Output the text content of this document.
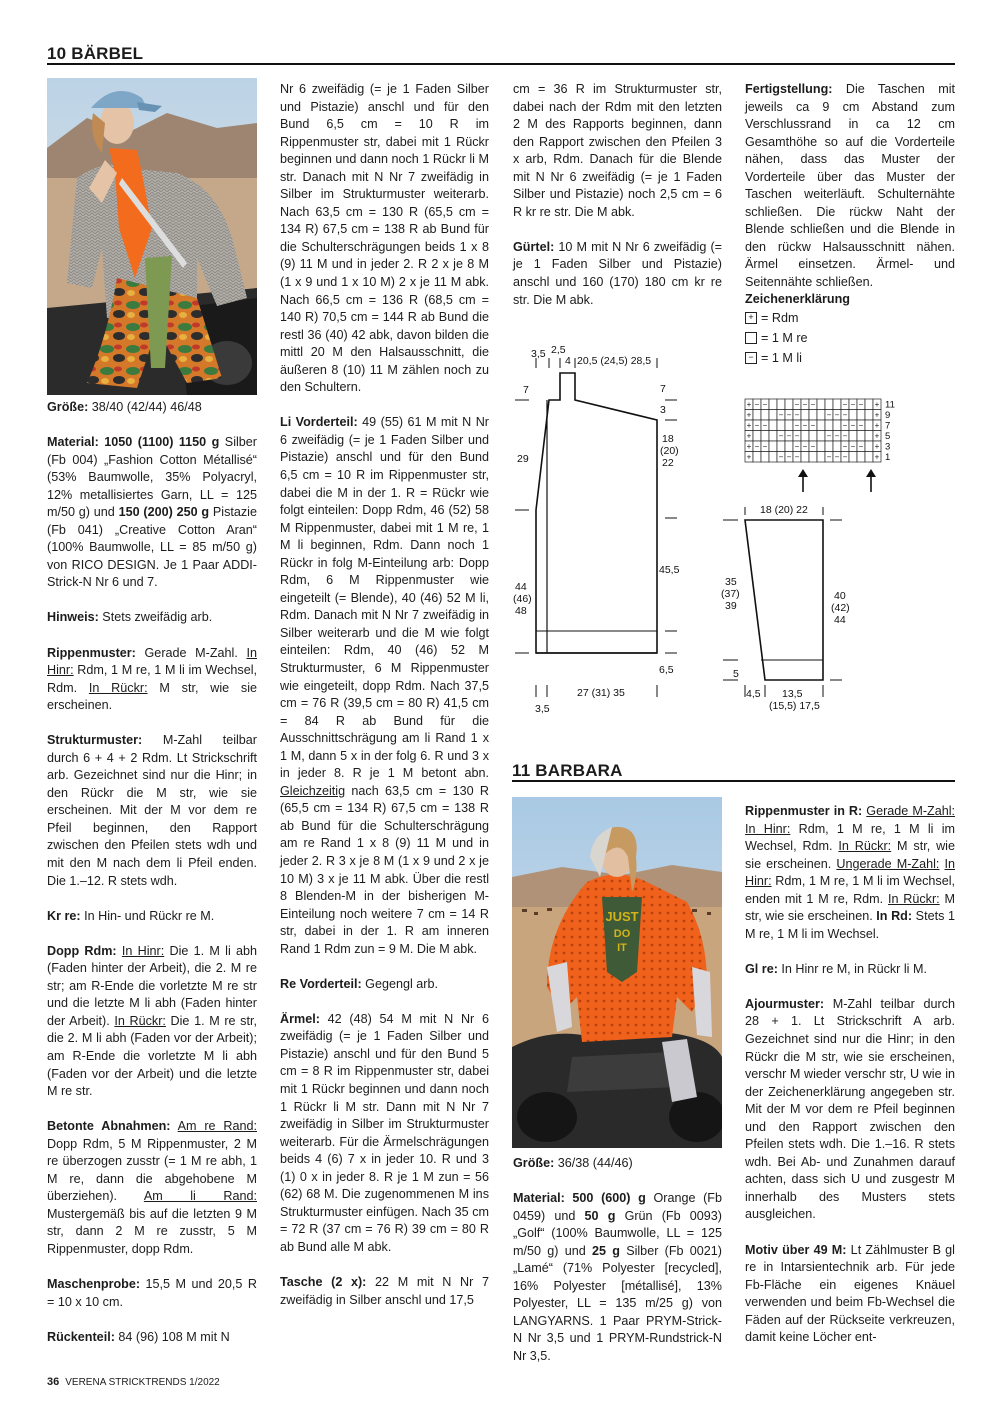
10 BÄRBEL

Größe: 38/40 (42/44) 46/48

Material: 1050 (1100) 1150 g Silber (Fb 004) „Fashion Cotton Métallisé“ (53% Baumwolle, 35% Polyacryl, 12% metallisiertes Garn, LL = 125 m/50 g) und 150 (200) 250 g Pistazie (Fb 041) „Creative Cotton Aran“ (100% Baumwolle, LL = 85 m/50 g) von RICO DESIGN. Je 1 Paar ADDI-Strick-N Nr 6 und 7.

Hinweis: Stets zweifädig arb.

Rippenmuster: Gerade M-Zahl. In Hinr: Rdm, 1 M re, 1 M li im Wechsel, Rdm. In Rückr: M str, wie sie erscheinen.

Strukturmuster: M-Zahl teilbar durch 6 + 4 + 2 Rdm. Lt Strickschrift arb. Gezeichnet sind nur die Hinr; in den Rückr die M str, wie sie erscheinen. Mit der M vor dem re Pfeil beginnen, den Rapport zwischen den Pfeilen stets wdh und mit den M nach dem li Pfeil enden. Die 1.–12. R stets wdh.

Kr re: In Hin- und Rückr re M.

Dopp Rdm: In Hinr: Die 1. M li abh (Faden hinter der Arbeit), die 2. M re str; am R-Ende die vorletzte M re str und die letzte M li abh (Faden hinter der Arbeit). In Rückr: Die 1. M re str, die 2. M li abh (Faden vor der Arbeit); am R-Ende die vorletzte M li abh (Faden vor der Arbeit) und die letzte M re str.

Betonte Abnahmen: Am re Rand: Dopp Rdm, 5 M Rippenmuster, 2 M re überzogen zusstr (= 1 M re abh, 1 M re, dann die abgehobene M überziehen). Am li Rand: Mustergemäß bis auf die letzten 9 M str, dann 2 M re zusstr, 5 M Rippenmuster, dopp Rdm.

Maschenprobe: 15,5 M und 20,5 R = 10 x 10 cm.

Rückenteil: 84 (96) 108 M mit N

Nr 6 zweifädig (= je 1 Faden Silber und Pistazie) anschl und für den Bund 6,5 cm = 10 R im Rippenmuster str, dabei mit 1 Rückr beginnen und dann noch 1 Rückr li M str. Danach mit N Nr 7 zweifädig in Silber im Strukturmuster weiterarb. Nach 63,5 cm = 130 R (65,5 cm = 134 R) 67,5 cm = 138 R ab Bund für die Schulterschrägungen beids 1 x 8 (9) 11 M und in jeder 2. R 2 x je 8 M (1 x 9 und 1 x 10 M) 2 x je 11 M abk. Nach 66,5 cm = 136 R (68,5 cm = 140 R) 70,5 cm = 144 R ab Bund die restl 36 (40) 42 abk, davon bilden die mittl 20 M den Halsausschnitt, die äußeren 8 (10) 11 M zählen noch zu den Schultern.

Li Vorderteil: 49 (55) 61 M mit N Nr 6 zweifädig (= je 1 Faden Silber und Pistazie) anschl und für den Bund 6,5 cm = 10 R im Rippenmuster str, dabei die M in der 1. R = Rückr wie folgt einteilen: Dopp Rdm, 46 (52) 58 M Rippenmuster, dabei mit 1 M re, 1 M li beginnen, Rdm. Dann noch 1 Rückr in folg M-Einteilung arb: Dopp Rdm, 6 M Rippenmuster wie eingeteilt (= Blende), 40 (46) 52 M li, Rdm. Danach mit N Nr 7 zweifädig in Silber weiterarb und die M wie folgt einteilen: Rdm, 40 (46) 52 M Strukturmuster, 6 M Rippenmuster wie eingeteilt, dopp Rdm. Nach 37,5 cm = 76 R (39,5 cm = 80 R) 41,5 cm = 84 R ab Bund für die Ausschnittschrägung am li Rand 1 x 1 M, dann 5 x in der folg 6. R und 3 x in jeder 8. R je 1 M betont abn. Gleichzeitig nach 63,5 cm = 130 R (65,5 cm = 134 R) 67,5 cm = 138 R ab Bund für die Schulterschrägung am re Rand 1 x 8 (9) 11 M und in jeder 2. R 3 x je 8 M (1 x 9 und 2 x je 10 M) 3 x je 11 M abk. Über die restl 8 Blenden-M in der bisherigen M-Einteilung noch weitere 7 cm = 14 R str, dabei in der 1. R am inneren Rand 1 Rdm zun = 9 M. Die M abk.

Re Vorderteil: Gegengl arb.

Ärmel: 42 (48) 54 M mit N Nr 6 zweifädig (= je 1 Faden Silber und Pistazie) anschl und für den Bund 5 cm = 8 R im Rippenmuster str, dabei mit 1 Rückr beginnen und dann noch 1 Rückr li M str. Dann mit N Nr 7 zweifädig in Silber im Strukturmuster weiterarb. Für die Ärmelschrägungen beids 4 (6) 7 x in jeder 10. R und 3 (1) 0 x in jeder 8. R je 1 M zun = 56 (62) 68 M. Die zugenommenen M ins Strukturmuster einfügen. Nach 35 cm = 72 R (37 cm = 76 R) 39 cm = 80 R ab Bund alle M abk.

Tasche (2 x): 22 M mit N Nr 7 zweifädig in Silber anschl und 17,5

cm = 36 R im Strukturmuster str, dabei nach der Rdm mit den letzten 2 M des Rapports beginnen, dann den Rapport zwischen den Pfeilen 3 x arb, Rdm. Danach für die Blende mit N Nr 6 zweifädig (= je 1 Faden Silber und Pistazie) noch 2,5 cm = 6 R kr re str. Die M abk.

Gürtel: 10 M mit N Nr 6 zweifädig (= je 1 Faden Silber und Pistazie) anschl und 160 (170) 180 cm kr re str. Die M abk.

Fertigstellung: Die Taschen mit jeweils ca 9 cm Abstand zum Verschlussrand in ca 12 cm Gesamthöhe so auf die Vorderteile nähen, dass das Muster der Vorderteile über das Muster der Taschen weiterläuft. Schulternähte schließen. Die rückw Naht der Blende schließen und die Blende in den rückw Halsausschnitt nähen. Ärmel einsetzen. Ärmel- und Seitennähte schließen.

Zeichenerklärung
+ = Rdm
= 1 M re
− = 1 M li
+ − −	− − −	− − − +
+	− − −	− − −	+
+ − −	− − −	− − − +
+	− − −	− − −	+
+ − −	− − −	− − − +
+	− − −	− − −	+
11
9
7
5
3
1
3,5 2,5
4 20,5 (24,5) 28,5
7
29
44
(46)
48
7
3
18
(20)
22
45,5
6,5
27 (31) 35
3,5
18 (20) 22
35
(37)
39
5
40
(42)
44
4,5 13,5
(15,5) 17,5
11 BARBARA
JUST
DO
IT

Größe: 36/38 (44/46)

Material: 500 (600) g Orange (Fb 0459) und 50 g Grün (Fb 0093) „Golf“ (100% Baumwolle, LL = 125 m/50 g) und 25 g Silber (Fb 0021) „Lamé“ (71% Polyester [recycled], 16% Polyester [métallisé], 13% Polyester, LL = 135 m/25 g) von LANGYARNS. 1 Paar PRYM-Strick-N Nr 3,5 und 1 PRYM-Rundstrick-N Nr 3,5.

Rippenmuster in R: Gerade M-Zahl: In Hinr: Rdm, 1 M re, 1 M li im Wechsel, Rdm. In Rückr: M str, wie sie erscheinen. Ungerade M-Zahl: In Hinr: Rdm, 1 M re, 1 M li im Wechsel, enden mit 1 M re, Rdm. In Rückr: M str, wie sie erscheinen. In Rd: Stets 1 M re, 1 M li im Wechsel.

Gl re: In Hinr re M, in Rückr li M.

Ajourmuster: M-Zahl teilbar durch 28 + 1. Lt Strickschrift A arb. Gezeichnet sind nur die Hinr; in den Rückr die M str, wie sie erscheinen, verschr M wieder verschr str, U wie in der Zeichenerklärung angegeben str. Mit der M vor dem re Pfeil beginnen und den Rapport zwischen den Pfeilen stets wdh. Die 1.–16. R stets wdh. Bei Ab- und Zunahmen darauf achten, dass sich U und zusgestr M innerhalb des Musters stets ausgleichen.

Motiv über 49 M: Lt Zählmuster B gl re in Intarsientechnik arb. Für jede Fb-Fläche ein eigenes Knäuel verwenden und beim Fb-Wechsel die Fäden auf der Rückseite verkreuzen, damit keine Löcher ent-

36 VERENA STRICKTRENDS 1/2022
